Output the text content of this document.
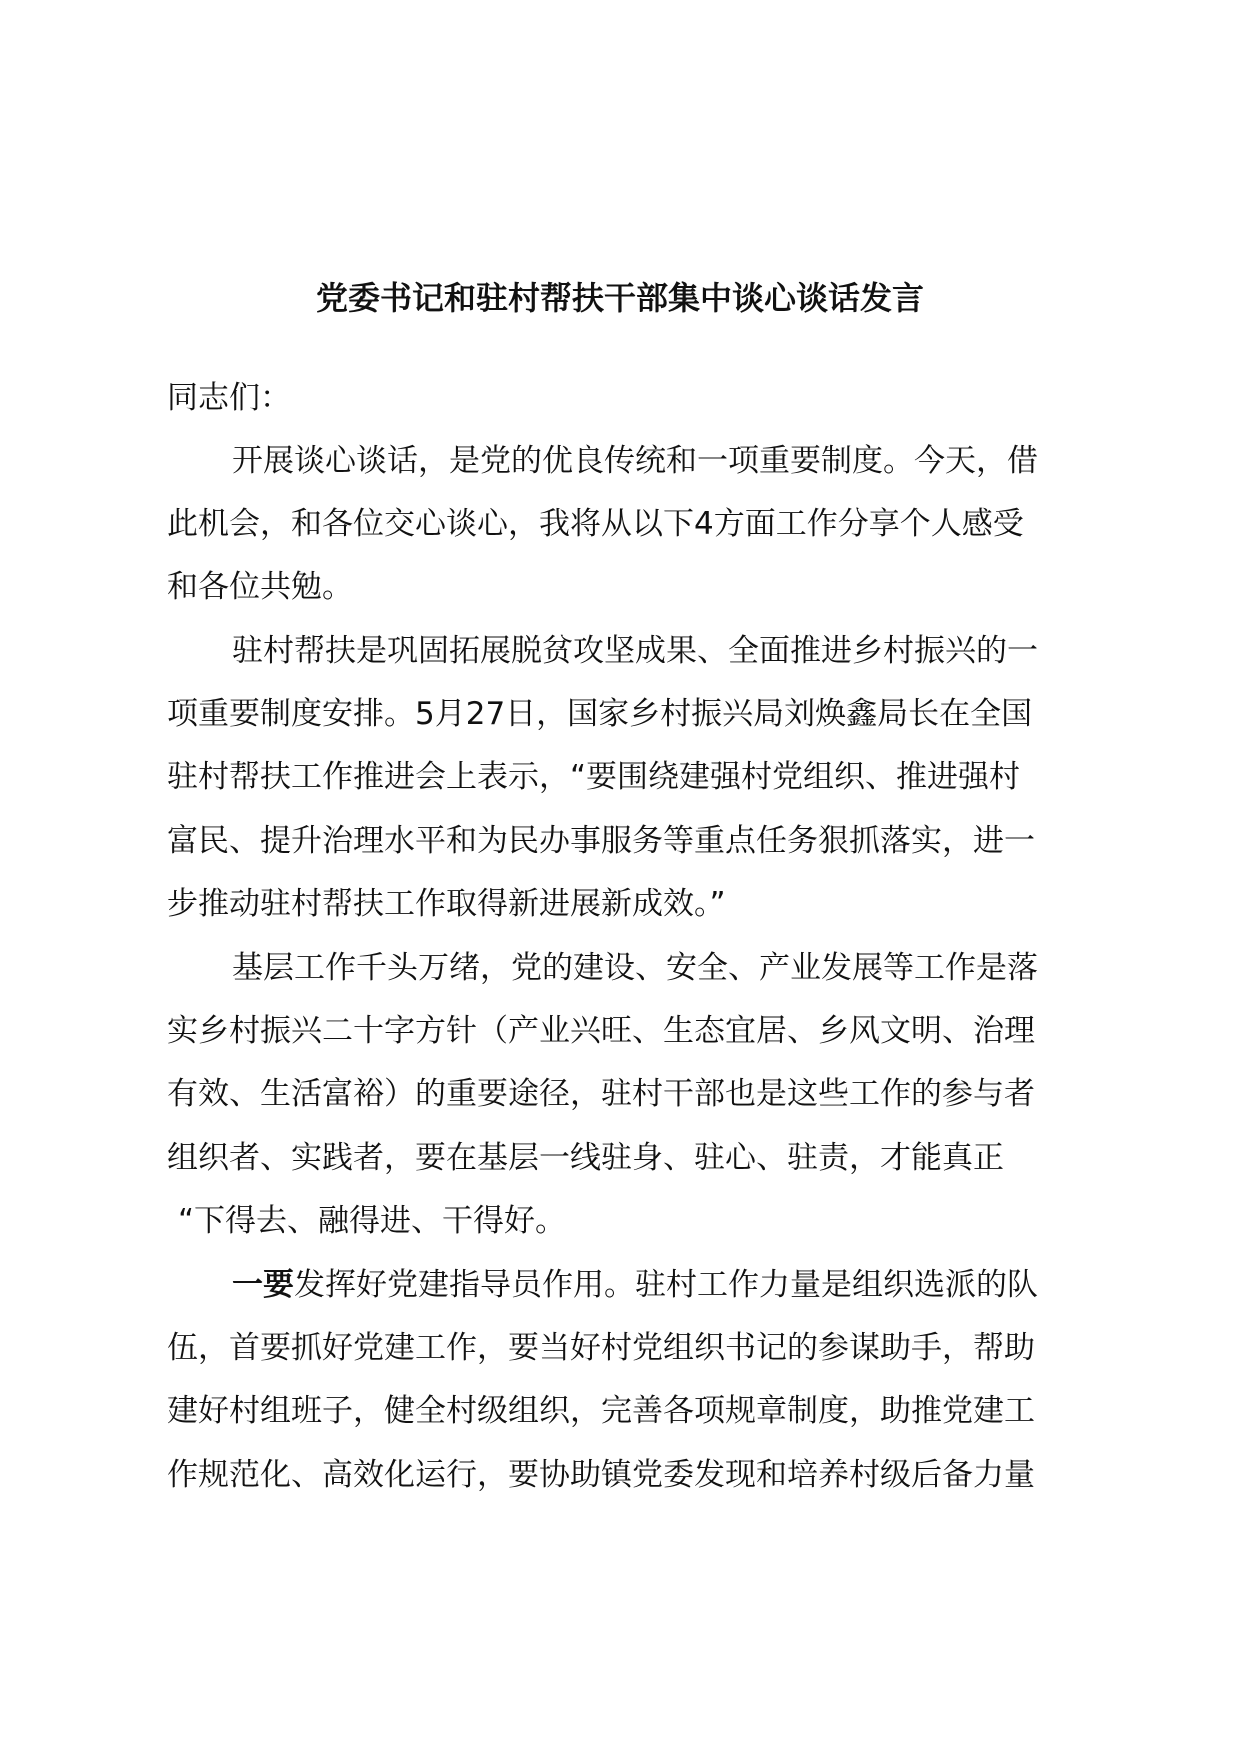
党委书记和驻村帮扶干部集中谈心谈话发言

同志们：

开展谈心谈话，是党的优良传统和一项重要制度。今天，借

此机会，和各位交心谈心，我将从以下4方面工作分享个人感受

和各位共勉。

驻村帮扶是巩固拓展脱贫攻坚成果、全面推进乡村振兴的一

项重要制度安排。5月27日，国家乡村振兴局刘焕鑫局长在全国

驻村帮扶工作推进会上表示，“要围绕建强村党组织、推进强村

富民、提升治理水平和为民办事服务等重点任务狠抓落实，进一

步推动驻村帮扶工作取得新进展新成效。”

基层工作千头万绪，党的建设、安全、产业发展等工作是落

实乡村振兴二十字方针（产业兴旺、生态宜居、乡风文明、治理

有效、生活富裕）的重要途径，驻村干部也是这些工作的参与者

组织者、实践者，要在基层一线驻身、驻心、驻责，才能真正

“下得去、融得进、干得好。

一要发挥好党建指导员作用。驻村工作力量是组织选派的队

伍，首要抓好党建工作，要当好村党组织书记的参谋助手，帮助

建好村组班子，健全村级组织，完善各项规章制度，助推党建工

作规范化、高效化运行，要协助镇党委发现和培养村级后备力量
